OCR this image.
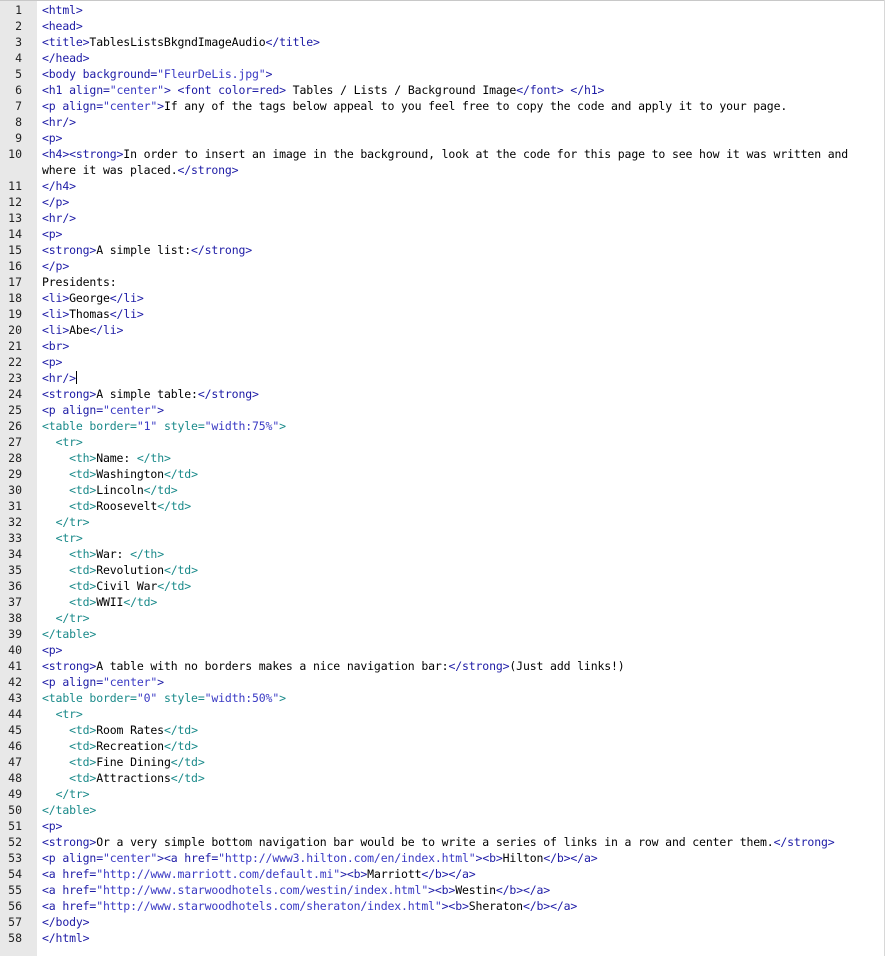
1 <html>
2 <head>
3 <title>TablesListsBkgndImageAudio</title>
4 </head>
5 <body background="FleurDeLis.jpg">
6 <h1 align="center"> <font color=red> Tables / Lists / Background Image</font> </h1>
7 <p align="center">If any of the tags below appeal to you feel free to copy the code and apply it to your page.
8 <hr/>
9 <p>
10 <h4><strong>In order to insert an image in the background, look at the code for this page to see how it was written and where it was placed.</strong>
11 </h4>
12 </p>
13 <hr/>
14 <p>
15 <strong>A simple list:</strong>
16 </p>
17 Presidents:
18 <li>George</li>
19 <li>Thomas</li>
20 <li>Abe</li>
21 <br>
22 <p>
23 <hr/>
24 <strong>A simple table:</strong>
25 <p align="center">
26 <table border="1" style="width:75%">
27	<tr>
28	<th>Name: </th>
29	<td>Washington</td>
30	<td>Lincoln</td>
31	<td>Roosevelt</td>
32	</tr>
33	<tr>
34	<th>War: </th>
35	<td>Revolution</td>
36	<td>Civil War</td>
37	<td>WWII</td>
38	</tr>
39 </table>
40 <p>
41 <strong>A table with no borders makes a nice navigation bar:</strong>(Just add links!)
42 <p align="center">
43 <table border="0" style="width:50%">
44	<tr>
45	<td>Room Rates</td>
46	<td>Recreation</td>
47	<td>Fine Dining</td>
48	<td>Attractions</td>
49	</tr>
50 </table>
51 <p>
52 <strong>Or a very simple bottom navigation bar would be to write a series of links in a row and center them.</strong>
53 <p align="center"><a href="http://www3.hilton.com/en/index.html"><b>Hilton</b></a>
54 <a href="http://www.marriott.com/default.mi"><b>Marriott</b></a>
55 <a href="http://www.starwoodhotels.com/westin/index.html"><b>Westin</b></a>
56 <a href="http://www.starwoodhotels.com/sheraton/index.html"><b>Sheraton</b></a>
57 </body>
58 </html>
